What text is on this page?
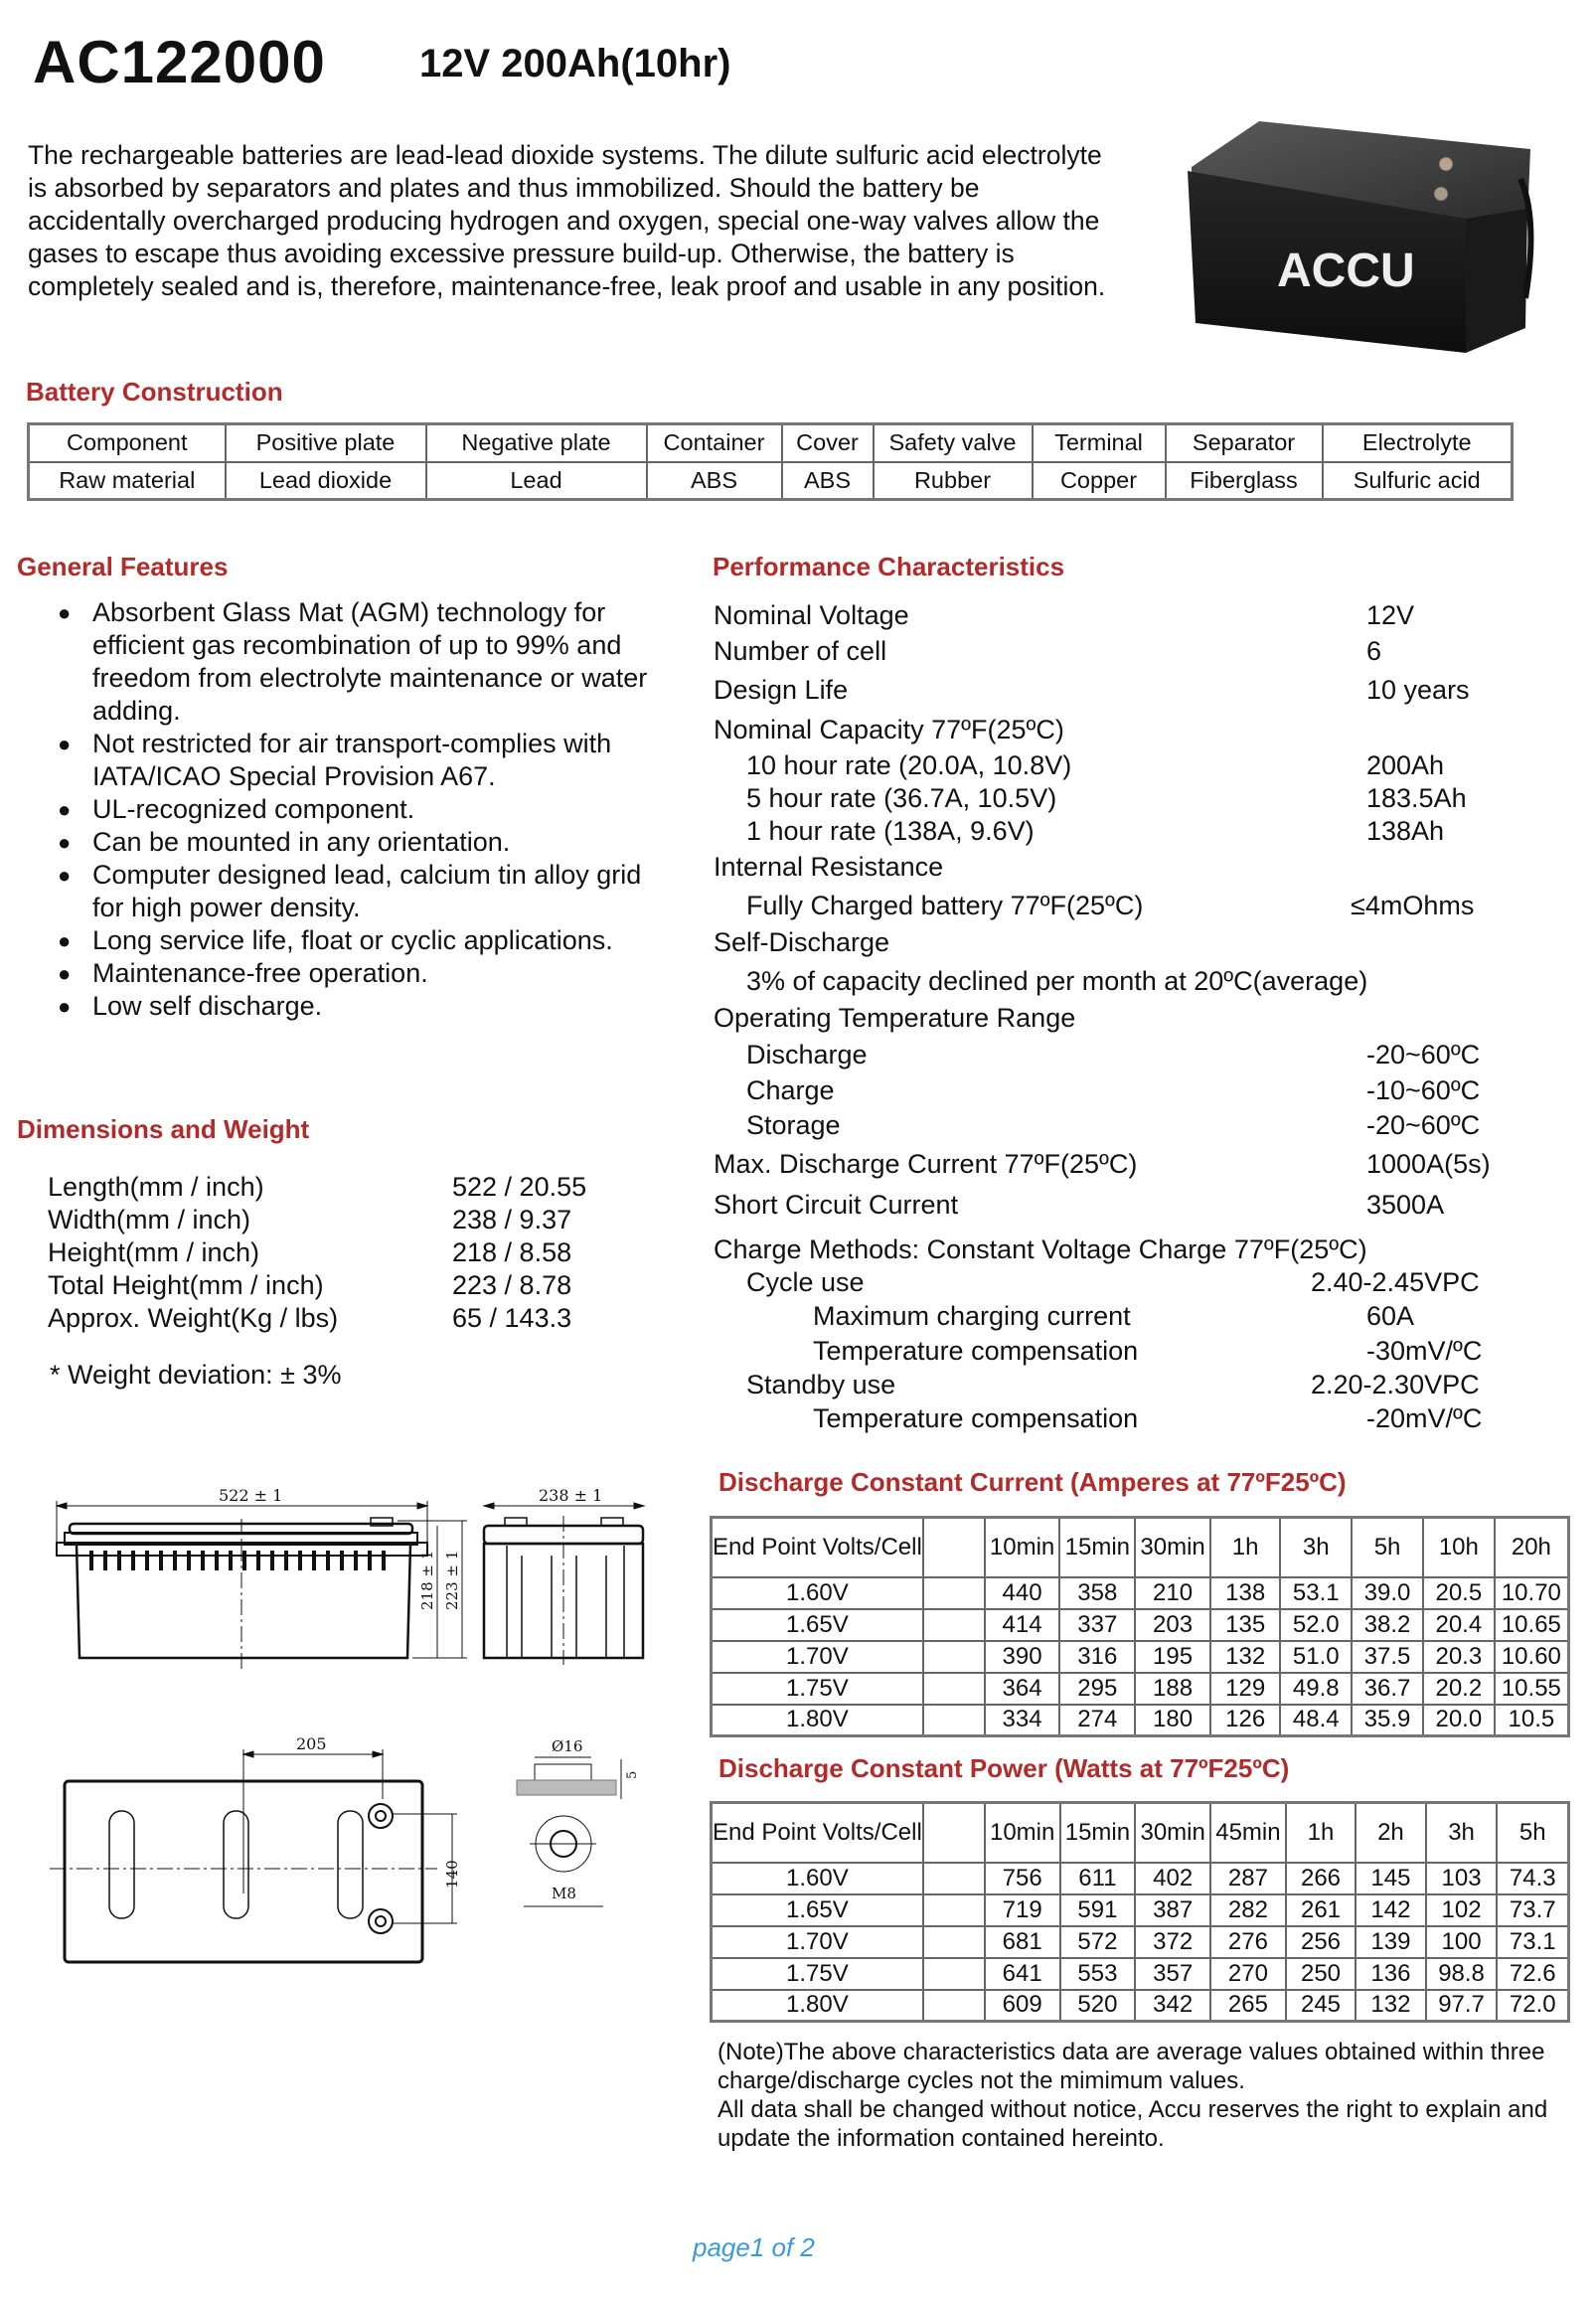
AC122000 12V 200Ah(10hr)

The rechargeable batteries are lead-lead dioxide systems. The dilute sulfuric acid electrolyte is absorbed by separators and plates and thus immobilized. Should the battery be accidentally overcharged producing hydrogen and oxygen, special one-way valves allow the gases to escape thus avoiding excessive pressure build-up. Otherwise, the battery is completely sealed and is, therefore, maintenance-free, leak proof and usable in any position.	ACCU
Battery Construction
Component	Positive plate	Negative plate	Container	Cover	Safety valve	Terminal	Separator	Electrolyte
Raw material	Lead dioxide	Lead	ABS	ABS	Rubber	Copper	Fiberglass	Sulfuric acid
General Features
● Absorbent Glass Mat (AGM) technology for efficient gas recombination of up to 99% and freedom from electrolyte maintenance or water adding.
● Not restricted for air transport-complies with IATA/ICAO Special Provision A67.
● UL-recognized component.
● Can be mounted in any orientation.
● Computer designed lead, calcium tin alloy grid for high power density.
● Long service life, float or cyclic applications.
● Maintenance-free operation.
● Low self discharge.
Dimensions and Weight
Length(mm / inch)	522 / 20.55
Width(mm / inch)	238 / 9.37
Height(mm / inch)	218 / 8.58
Total Height(mm / inch)	223 / 8.78
Approx. Weight(Kg / lbs)	65 / 143.3
* Weight deviation: ± 3%
522 ± 1
218 ± 1 223 ± 1
238 ± 1
205
140
Ø16
5
M8
Performance Characteristics
Nominal Voltage	12V
Number of cell	6
Design Life	10 years
Nominal Capacity 77ºF(25ºC)
10 hour rate (20.0A, 10.8V)	200Ah
5 hour rate (36.7A, 10.5V)	183.5Ah
1 hour rate (138A, 9.6V)	138Ah
Internal Resistance
Fully Charged battery 77ºF(25ºC)	≤4mOhms
Self-Discharge
3% of capacity declined per month at 20ºC(average)
Operating Temperature Range
Discharge	-20~60ºC
Charge	-10~60ºC
Storage	-20~60ºC
Max. Discharge Current 77ºF(25ºC)	1000A(5s)
Short Circuit Current	3500A
Charge Methods: Constant Voltage Charge 77ºF(25ºC)
Cycle use	2.40-2.45VPC
Maximum charging current	60A
Temperature compensation	-30mV/ºC
Standby use	2.20-2.30VPC
Temperature compensation	-20mV/ºC
Discharge Constant Current (Amperes at 77ºF25ºC)
End Point Volts/Cell		10min	15min	30min	1h	3h	5h	10h	20h
1.60V		440	358	210	138	53.1	39.0	20.5	10.70
1.65V		414	337	203	135	52.0	38.2	20.4	10.65
1.70V		390	316	195	132	51.0	37.5	20.3	10.60
1.75V		364	295	188	129	49.8	36.7	20.2	10.55
1.80V		334	274	180	126	48.4	35.9	20.0	10.5
Discharge Constant Power (Watts at 77ºF25ºC)
End Point Volts/Cell		10min	15min	30min	45min	1h	2h	3h	5h
1.60V		756	611	402	287	266	145	103	74.3
1.65V		719	591	387	282	261	142	102	73.7
1.70V		681	572	372	276	256	139	100	73.1
1.75V		641	553	357	270	250	136	98.8	72.6
1.80V		609	520	342	265	245	132	97.7	72.0
(Note)The above characteristics data are average values obtained within three charge/discharge cycles not the mimimum values.
All data shall be changed without notice, Accu reserves the right to explain and update the information contained hereinto.
page1 of 2
